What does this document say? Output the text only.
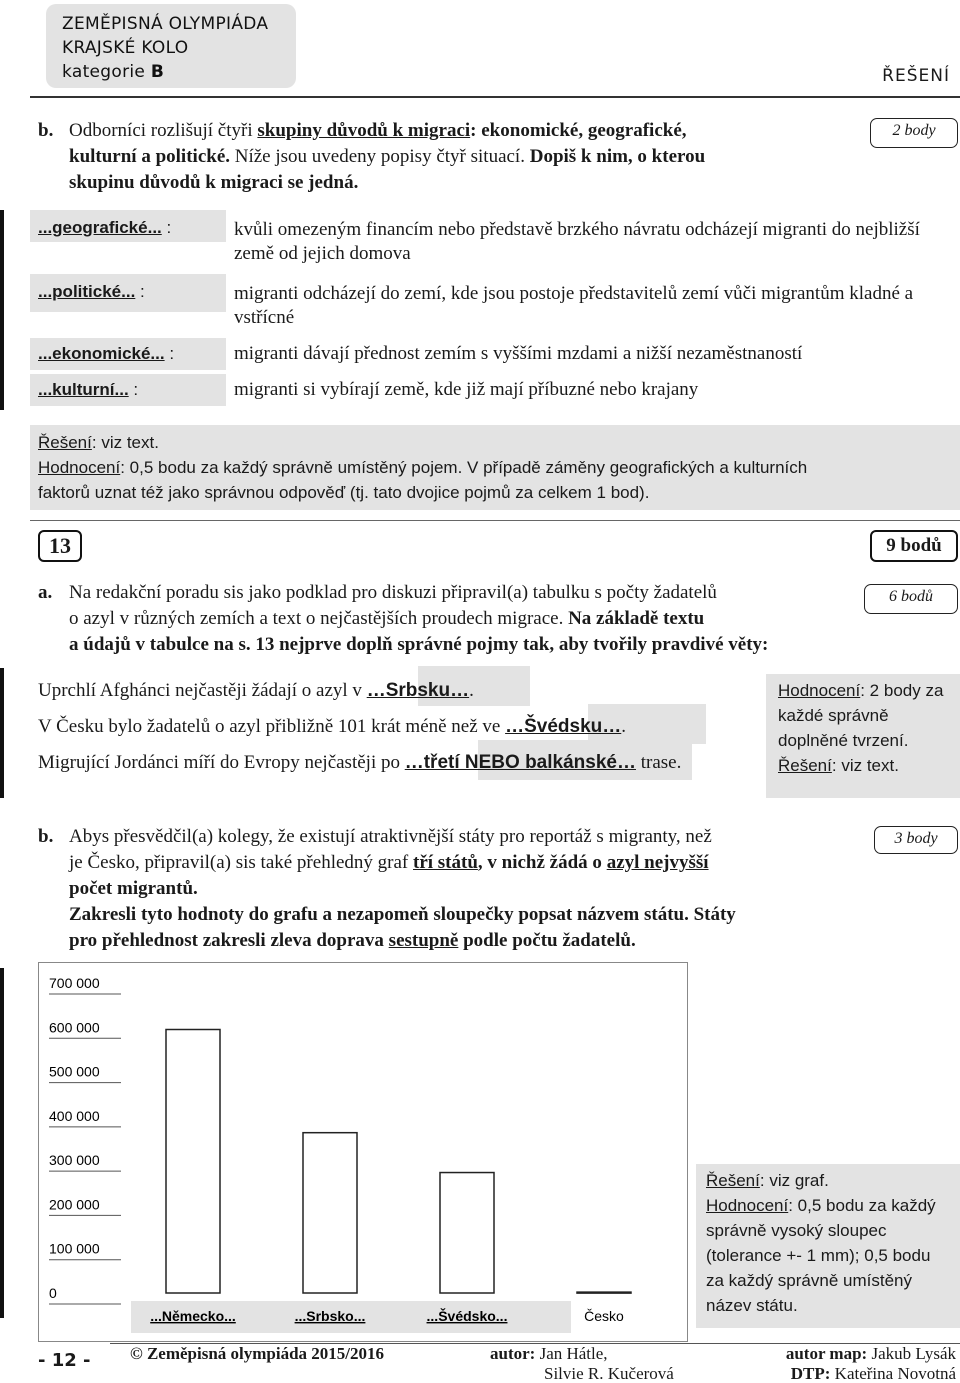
ZEMĚPISNÁ OLYMPIÁDA
KRAJSKÉ KOLO
kategorie B	ŘEŠENÍ
b. Odborníci rozlišují čtyři skupiny důvodů k migraci: ekonomické, geografické,
kulturní a politické. Níže jsou uvedeny popisy čtyř situací. Dopiš k nim, o kterou
skupinu důvodů k migraci se jedná.
2 body
...geografické... :	kvůli omezeným financím nebo představě brzkého návratu odcházejí migranti do nejbližší země od jejich domova
...politické... :	migranti odcházejí do zemí, kde jsou postoje představitelů zemí vůči migrantům kladné a vstřícné
...ekonomické... :	migranti dávají přednost zemím s vyššími mzdami a nižší nezaměstnaností
...kulturní... :	migranti si vybírají země, kde již mají příbuzné nebo krajany
Řešení: viz text.
Hodnocení: 0,5 bodu za každý správně umístěný pojem. V případě záměny geografických a kulturních
faktorů uznat též jako správnou odpověď (tj. tato dvojice pojmů za celkem 1 bod).
13	9 bodů
a. Na redakční poradu sis jako podklad pro diskuzi připravil(a) tabulku s počty žadatelů
o azyl v různých zemích a text o nejčastějších proudech migrace. Na základě textu
a údajů v tabulce na s. 13 nejprve doplň správné pojmy tak, aby tvořily pravdivé věty:
6 bodů
Uprchlí Afghánci nejčastěji žádají o azyl v …Srbsku….
V Česku bylo žadatelů o azyl přibližně 101 krát méně než ve …Švédsku….
Migrující Jordánci míří do Evropy nejčastěji po …třetí NEBO balkánské… trase.
Hodnocení: 2 body za každé správně doplněné tvrzení.
Řešení: viz text.
b. Abys přesvědčil(a) kolegy, že existují atraktivnější státy pro reportáž s migranty, než
je Česko, připravil(a) sis také přehledný graf tří států, v nichž žádá o azyl nejvyšší
počet migrantů.
Zakresli tyto hodnoty do grafu a nezapomeň sloupečky popsat názvem státu. Státy
pro přehlednost zakresli zleva doprava sestupně podle počtu žadatelů.
3 body
700 000
600 000
500 000
400 000
300 000
200 000
100 000
0
...Německo...	...Srbsko...	...Švédsko...	Česko
Řešení: viz graf.
Hodnocení: 0,5 bodu za každý správně vysoký sloupec (tolerance +- 1 mm); 0,5 bodu za každý správně umístěný název státu.
- 12 - © Zeměpisná olympiáda 2015/2016	autor: Jan Hátle,
Silvie R. Kučerová
autor map: Jakub Lysák
DTP: Kateřina Novotná
